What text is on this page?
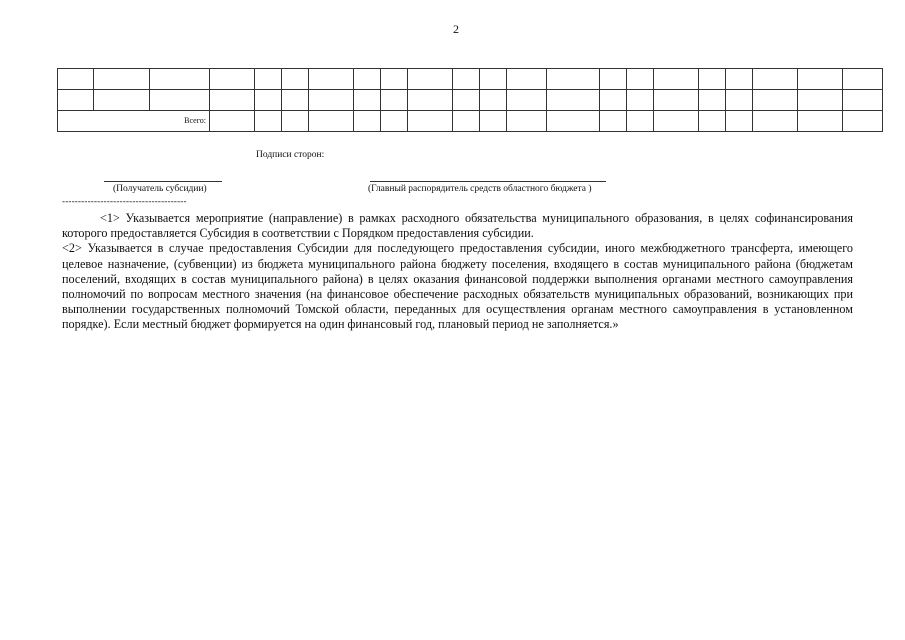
2

Всего:																					
Подписи сторон:
(Получатель субсидии)	(Главный распорядитель средств областного бюджета )
---------------------------------------

<1> Указывается мероприятие (направление) в рамках расходного обязательства муниципального образования, в целях софинансирования которого предоставляется Субсидия в соответствии с Порядком предоставления субсидии.

<2> Указывается в случае предоставления Субсидии для последующего предоставления субсидии, иного межбюджетного трансферта, имеющего целевое назначение, (субвенции) из бюджета муниципального района бюджету поселения, входящего в состав муниципального района (бюджетам поселений, входящих в состав муниципального района) в целях оказания финансовой поддержки выполнения органами местного самоуправления полномочий по вопросам местного значения (на финансовое обеспечение расходных обязательств муниципальных образований, возникающих при выполнении государственных полномочий Томской области, переданных для осуществления органам местного самоуправления в установленном порядке). Если местный бюджет формируется на один финансовый год, плановый период не заполняется.»
